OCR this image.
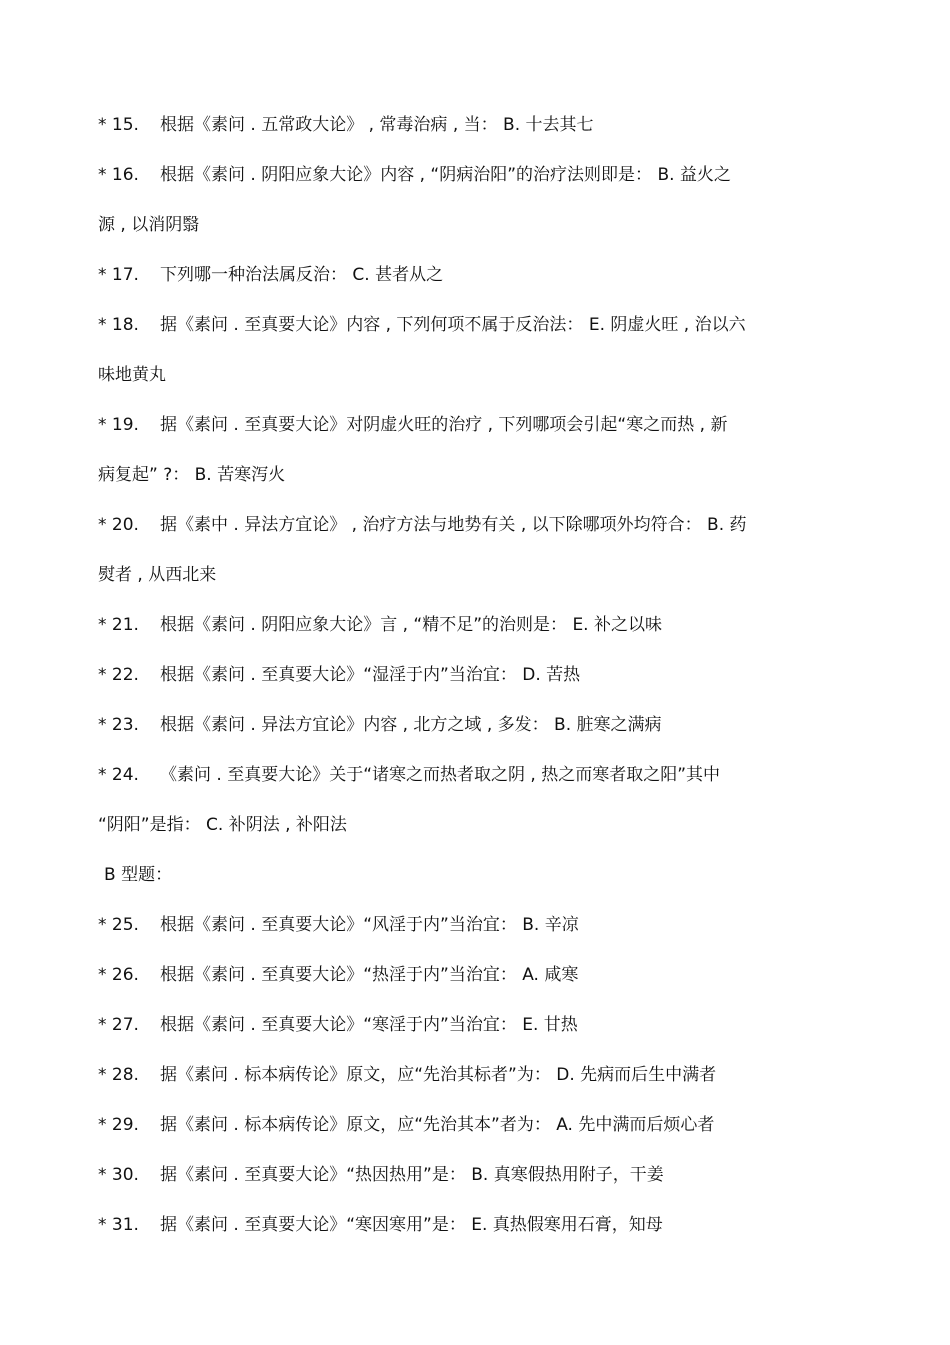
* 15. 根据《素问 . 五常政大论》 , 常毒治病 , 当： B. 十去其七
* 16. 根据《素问 . 阴阳应象大论》内容 , “阴病治阳”的治疗法则即是： B. 益火之
源 , 以消阴翳
* 17. 下列哪一种治法属反治： C. 甚者从之
* 18. 据《素问 . 至真要大论》内容 , 下列何项不属于反治法： E. 阴虚火旺 , 治以六
味地黄丸
* 19. 据《素问 . 至真要大论》对阴虚火旺的治疗 , 下列哪项会引起“寒之而热 , 新
病复起” ?： B. 苦寒泻火
* 20. 据《素中 . 异法方宜论》 , 治疗方法与地势有关 , 以下除哪项外均符合： B. 药
熨者 , 从西北来
* 21. 根据《素问 . 阴阳应象大论》言 , “精不足”的治则是： E. 补之以味
* 22. 根据《素问 . 至真要大论》“湿淫于内”当治宜： D. 苦热
* 23. 根据《素问 . 异法方宜论》内容 , 北方之域 , 多发： B. 脏寒之满病
* 24. 《素问 . 至真要大论》关于“诸寒之而热者取之阴 , 热之而寒者取之阳”其中
“阴阳”是指： C. 补阴法 , 补阳法
B 型题：
* 25. 根据《素问 . 至真要大论》“风淫于内”当治宜： B. 辛凉
* 26. 根据《素问 . 至真要大论》“热淫于内”当治宜： A. 咸寒
* 27. 根据《素问 . 至真要大论》“寒淫于内”当治宜： E. 甘热
* 28. 据《素问 . 标本病传论》原文，应“先治其标者”为： D. 先病而后生中满者
* 29. 据《素问 . 标本病传论》原文，应“先治其本”者为： A. 先中满而后烦心者
* 30. 据《素问 . 至真要大论》“热因热用”是： B. 真寒假热用附子，干姜
* 31. 据《素问 . 至真要大论》“寒因寒用”是： E. 真热假寒用石膏，知母
